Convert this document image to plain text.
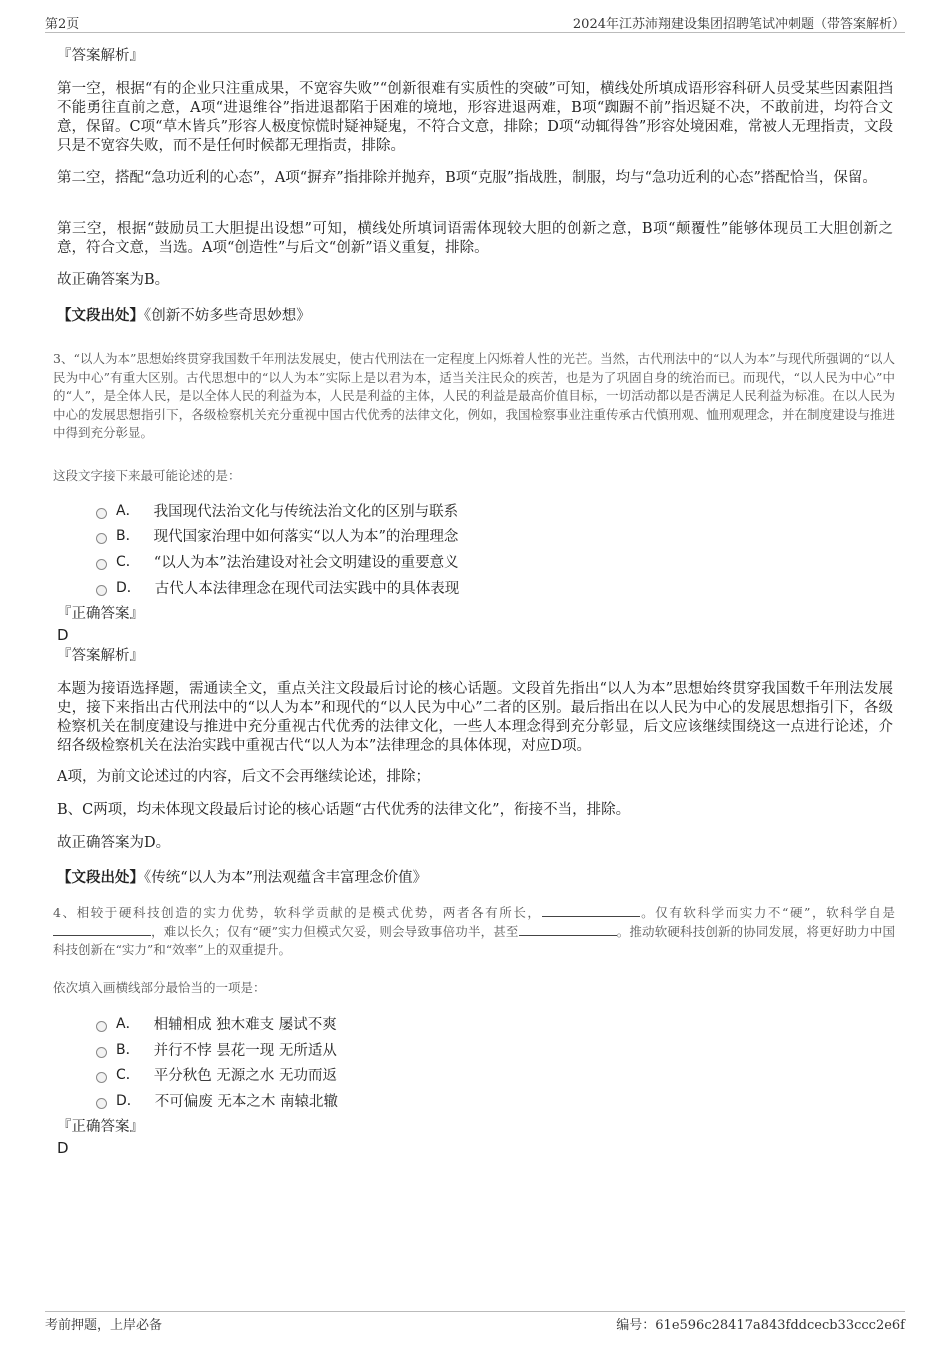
第2页	2024年江苏沛翔建设集团招聘笔试冲刺题（带答案解析）
『答案解析』
第一空，根据“有的企业只注重成果，不宽容失败”“创新很难有实质性的突破”可知，横线处所填成语形容科研人员受某些因素阻挡不能勇往直前之意，A项“进退维谷”指进退都陷于困难的境地，形容进退两难，B项“踟蹰不前”指迟疑不决，不敢前进，均符合文意，保留。C项“草木皆兵”形容人极度惊慌时疑神疑鬼，不符合文意，排除；D项“动辄得咎”形容处境困难，常被人无理指责，文段只是不宽容失败，而不是任何时候都无理指责，排除。
第二空，搭配“急功近利的心态”，A项“摒弃”指排除并抛弃，B项“克服”指战胜，制服，均与“急功近利的心态”搭配恰当，保留。
第三空，根据“鼓励员工大胆提出设想”可知，横线处所填词语需体现较大胆的创新之意，B项“颠覆性”能够体现员工大胆创新之意，符合文意，当选。A项“创造性”与后文“创新”语义重复，排除。
故正确答案为B。
【文段出处】《创新不妨多些奇思妙想》
3、“以人为本”思想始终贯穿我国数千年刑法发展史，使古代刑法在一定程度上闪烁着人性的光芒。当然，古代刑法中的“以人为本”与现代所强调的“以人民为中心”有重大区别。古代思想中的“以人为本”实际上是以君为本，适当关注民众的疾苦，也是为了巩固自身的统治而已。而现代，“以人民为中心”中的“人”，是全体人民，是以全体人民的利益为本，人民是利益的主体，人民的利益是最高价值目标，一切活动都以是否满足人民利益为标准。在以人民为中心的发展思想指引下，各级检察机关充分重视中国古代优秀的法律文化，例如，我国检察事业注重传承古代慎刑观、恤刑观理念，并在制度建设与推进中得到充分彰显。
这段文字接下来最可能论述的是：
A． 我国现代法治文化与传统法治文化的区别与联系
B． 现代国家治理中如何落实“以人为本”的治理理念
C． “以人为本”法治建设对社会文明建设的重要意义
D． 古代人本法律理念在现代司法实践中的具体表现
『正确答案』
D
『答案解析』
本题为接语选择题，需通读全文，重点关注文段最后讨论的核心话题。文段首先指出“以人为本”思想始终贯穿我国数千年刑法发展史，接下来指出古代刑法中的“以人为本”和现代的“以人民为中心”二者的区别。最后指出在以人民为中心的发展思想指引下，各级检察机关在制度建设与推进中充分重视古代优秀的法律文化，一些人本理念得到充分彰显，后文应该继续围绕这一点进行论述，介绍各级检察机关在法治实践中重视古代“以人为本”法律理念的具体体现，对应D项。
A项，为前文论述过的内容，后文不会再继续论述，排除；
B、C两项，均未体现文段最后讨论的核心话题“古代优秀的法律文化”，衔接不当，排除。
故正确答案为D。
【文段出处】《传统“以人为本”刑法观蕴含丰富理念价值》
4、相较于硬科技创造的实力优势，软科学贡献的是模式优势，两者各有所长，	。仅有软科学而实力不“硬”，软科学自是，难以长久；仅有“硬”实力但模式欠妥，则会导致事倍功半，甚至	。推动软硬科技创新的协同发展，将更好助力中国科技创新在“实力”和“效率”上的双重提升。
依次填入画横线部分最恰当的一项是：
A． 相辅相成 独木难支 屡试不爽
B． 并行不悖 昙花一现 无所适从
C． 平分秋色 无源之水 无功而返
D． 不可偏废 无本之木 南辕北辙
『正确答案』
D
考前押题，上岸必备	编号：61e596c28417a843fddcecb33ccc2e6f
